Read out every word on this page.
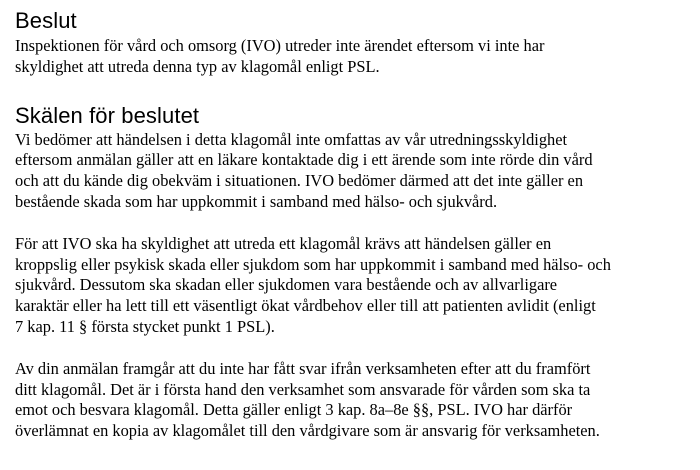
Beslut

Inspektionen för vård och omsorg (IVO) utreder inte ärendet eftersom vi inte har
skyldighet att utreda denna typ av klagomål enligt PSL.

Skälen för beslutet

Vi bedömer att händelsen i detta klagomål inte omfattas av vår utredningsskyldighet
eftersom anmälan gäller att en läkare kontaktade dig i ett ärende som inte rörde din vård
och att du kände dig obekväm i situationen. IVO bedömer därmed att det inte gäller en
bestående skada som har uppkommit i samband med hälso- och sjukvård.

För att IVO ska ha skyldighet att utreda ett klagomål krävs att händelsen gäller en
kroppslig eller psykisk skada eller sjukdom som har uppkommit i samband med hälso- och
sjukvård. Dessutom ska skadan eller sjukdomen vara bestående och av allvarligare
karaktär eller ha lett till ett väsentligt ökat vårdbehov eller till att patienten avlidit (enligt
7 kap. 11 § första stycket punkt 1 PSL).

Av din anmälan framgår att du inte har fått svar ifrån verksamheten efter att du framfört
ditt klagomål. Det är i första hand den verksamhet som ansvarade för vården som ska ta
emot och besvara klagomål. Detta gäller enligt 3 kap. 8a–8e §§, PSL. IVO har därför
överlämnat en kopia av klagomålet till den vårdgivare som är ansvarig för verksamheten.
